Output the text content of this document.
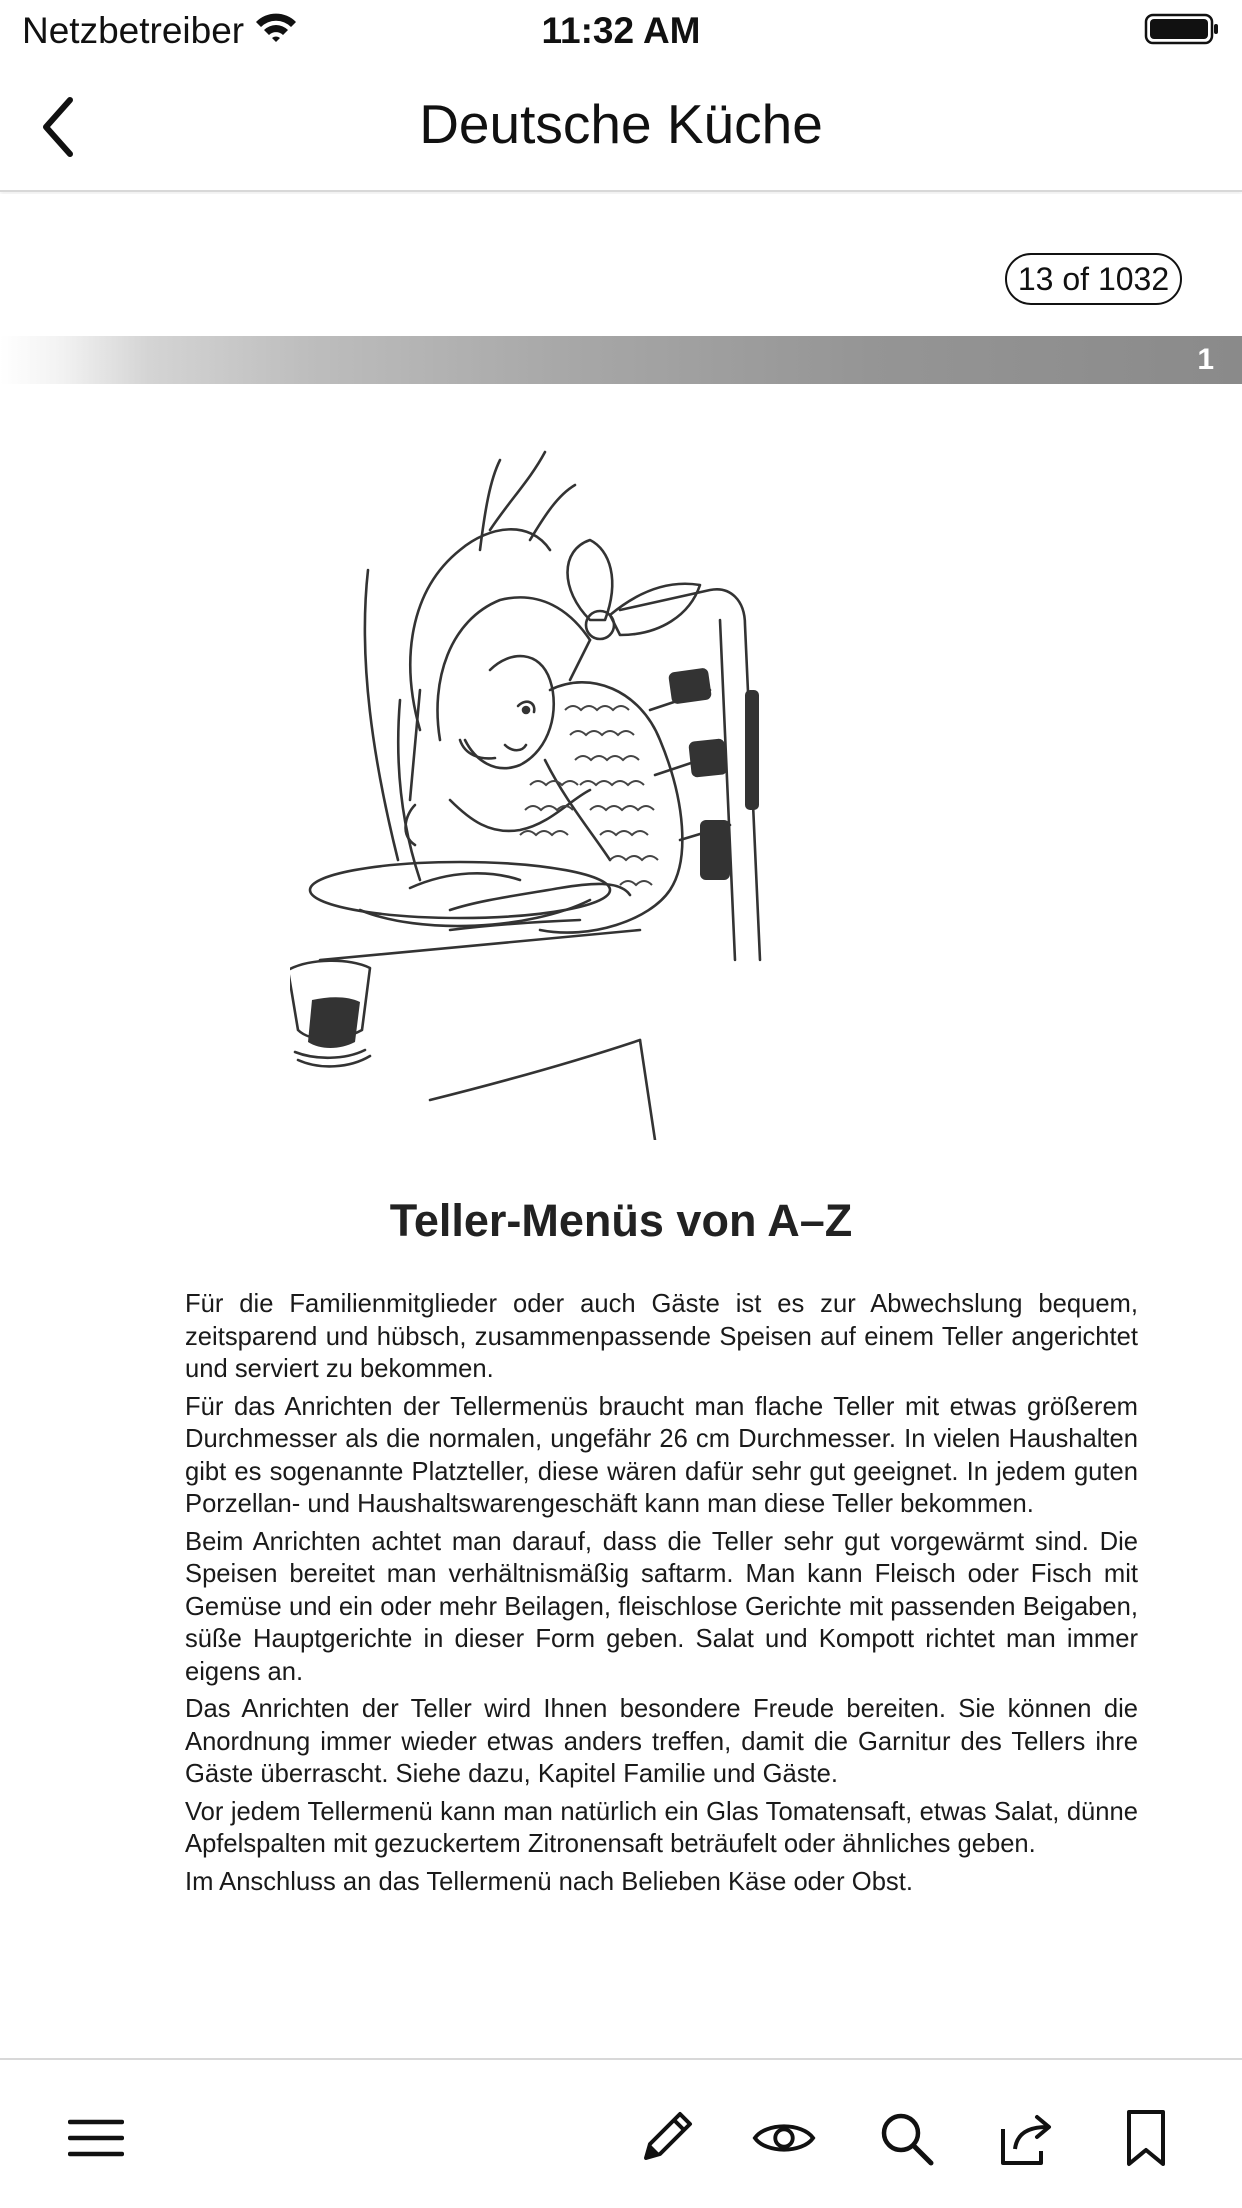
Netzbetreiber	11:32 AM
Deutsche Küche
13 of 1032
1
Teller-Menüs von A–Z

Für die Familienmitglieder oder auch Gäste ist es zur Abwechslung bequem, zeitsparend und hübsch, zusammenpassende Speisen auf einem Teller angerichtet und serviert zu bekommen.

Für das Anrichten der Tellermenüs braucht man flache Teller mit etwas größerem Durchmesser als die normalen, ungefähr 26 cm Durchmesser. In vielen Haushalten gibt es sogenannte Platzteller, diese wären dafür sehr gut geeignet. In jedem guten Porzellan- und Haushaltswarengeschäft kann man diese Teller bekommen.

Beim Anrichten achtet man darauf, dass die Teller sehr gut vorgewärmt sind. Die Speisen bereitet man verhältnismäßig saftarm. Man kann Fleisch oder Fisch mit Gemüse und ein oder mehr Beilagen, fleischlose Gerichte mit passenden Beigaben, süße Hauptgerichte in dieser Form geben. Salat und Kompott richtet man immer eigens an.

Das Anrichten der Teller wird Ihnen besondere Freude bereiten. Sie können die Anordnung immer wieder etwas anders treffen, damit die Garnitur des Tellers ihre Gäste überrascht. Siehe dazu, Kapitel Familie und Gäste.

Vor jedem Tellermenü kann man natürlich ein Glas Tomatensaft, etwas Salat, dünne Apfelspalten mit gezuckertem Zitronensaft beträufelt oder ähnliches geben.

Im Anschluss an das Tellermenü nach Belieben Käse oder Obst.
